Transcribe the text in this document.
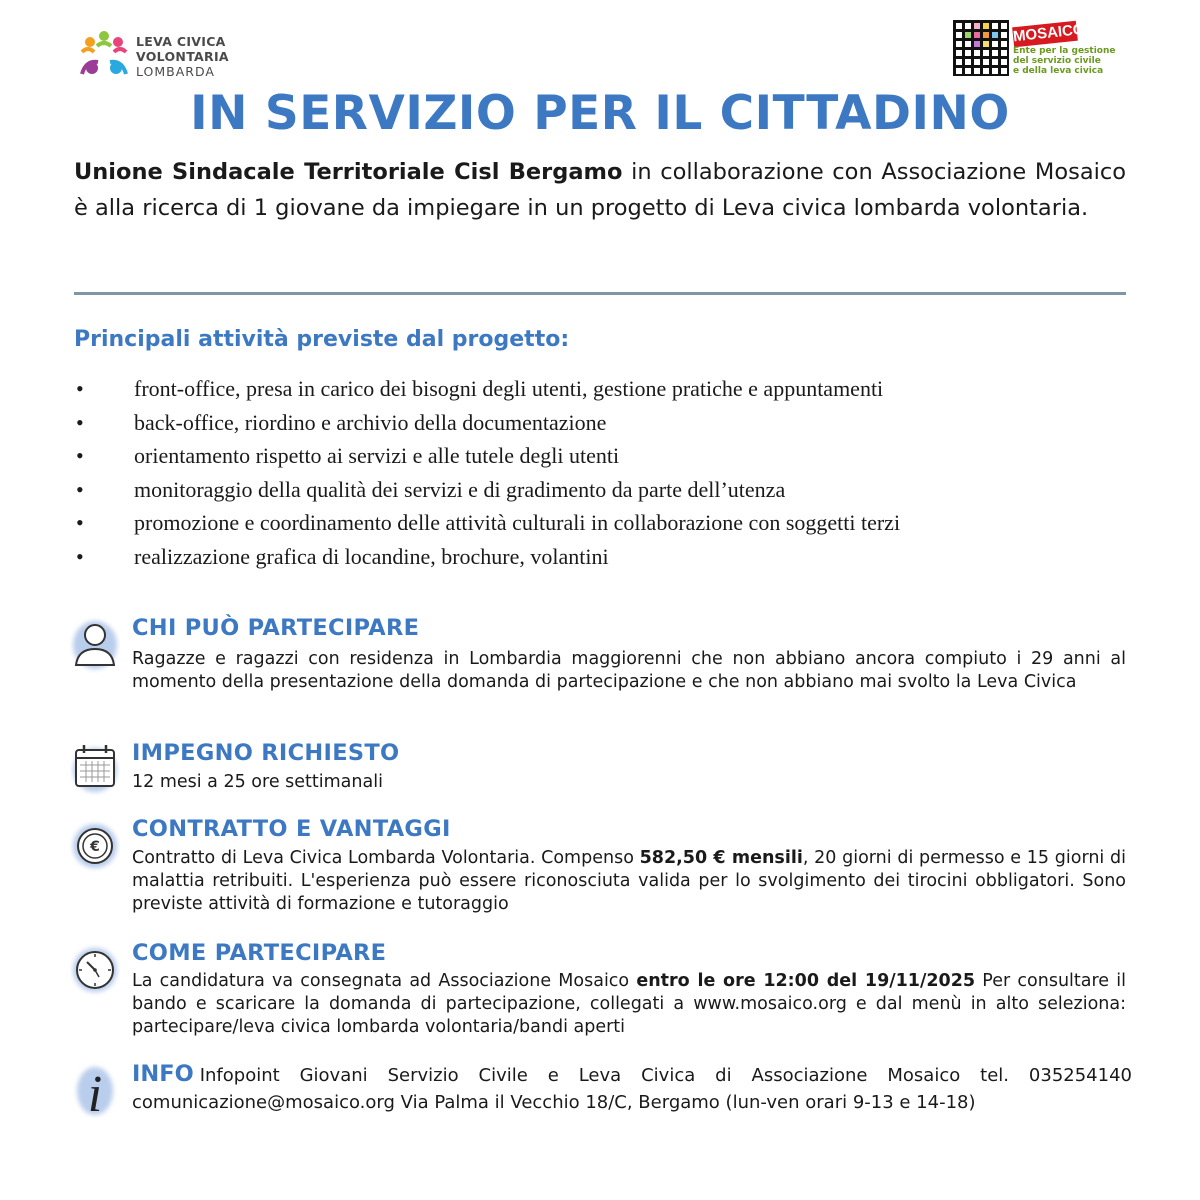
LEVA CIVICA
VOLONTARIA
LOMBARDA
MOSAICO
Ente per la gestione
del servizio civile
e della leva civica
IN SERVIZIO PER IL CITTADINO
Unione Sindacale Territoriale Cisl Bergamo in collaborazione con Associazione Mosaico è alla ricerca di 1 giovane da impiegare in un progetto di Leva civica lombarda volontaria.
Principali attività previste dal progetto:
• front-office, presa in carico dei bisogni degli utenti, gestione pratiche e appuntamenti
• back-office, riordino e archivio della documentazione
• orientamento rispetto ai servizi e alle tutele degli utenti
• monitoraggio della qualità dei servizi e di gradimento da parte dell’utenza
• promozione e coordinamento delle attività culturali in collaborazione con soggetti terzi
• realizzazione grafica di locandine, brochure, volantini
CHI PUÒ PARTECIPARE

Ragazze e ragazzi con residenza in Lombardia maggiorenni che non abbiano ancora compiuto i 29 anni al momento della presentazione della domanda di partecipazione e che non abbiano mai svolto la Leva Civica

IMPEGNO RICHIESTO

12 mesi a 25 ore settimanali

€
CONTRATTO E VANTAGGI

Contratto di Leva Civica Lombarda Volontaria. Compenso 582,50 € mensili, 20 giorni di permesso e 15 giorni di malattia retribuiti. L'esperienza può essere riconosciuta valida per lo svolgimento dei tirocini obbligatori. Sono previste attività di formazione e tutoraggio

COME PARTECIPARE

La candidatura va consegnata ad Associazione Mosaico entro le ore 12:00 del 19/11/2025 Per consultare il bando e scaricare la domanda di partecipazione, collegati a www.mosaico.org e dal menù in alto seleziona: partecipare/leva civica lombarda volontaria/bandi aperti

i INFO Infopoint Giovani Servizio Civile e Leva Civica di Associazione Mosaico tel. 035254140 comunicazione@mosaico.org Via Palma il Vecchio 18/C, Bergamo (lun-ven orari 9-13 e 14-18)
